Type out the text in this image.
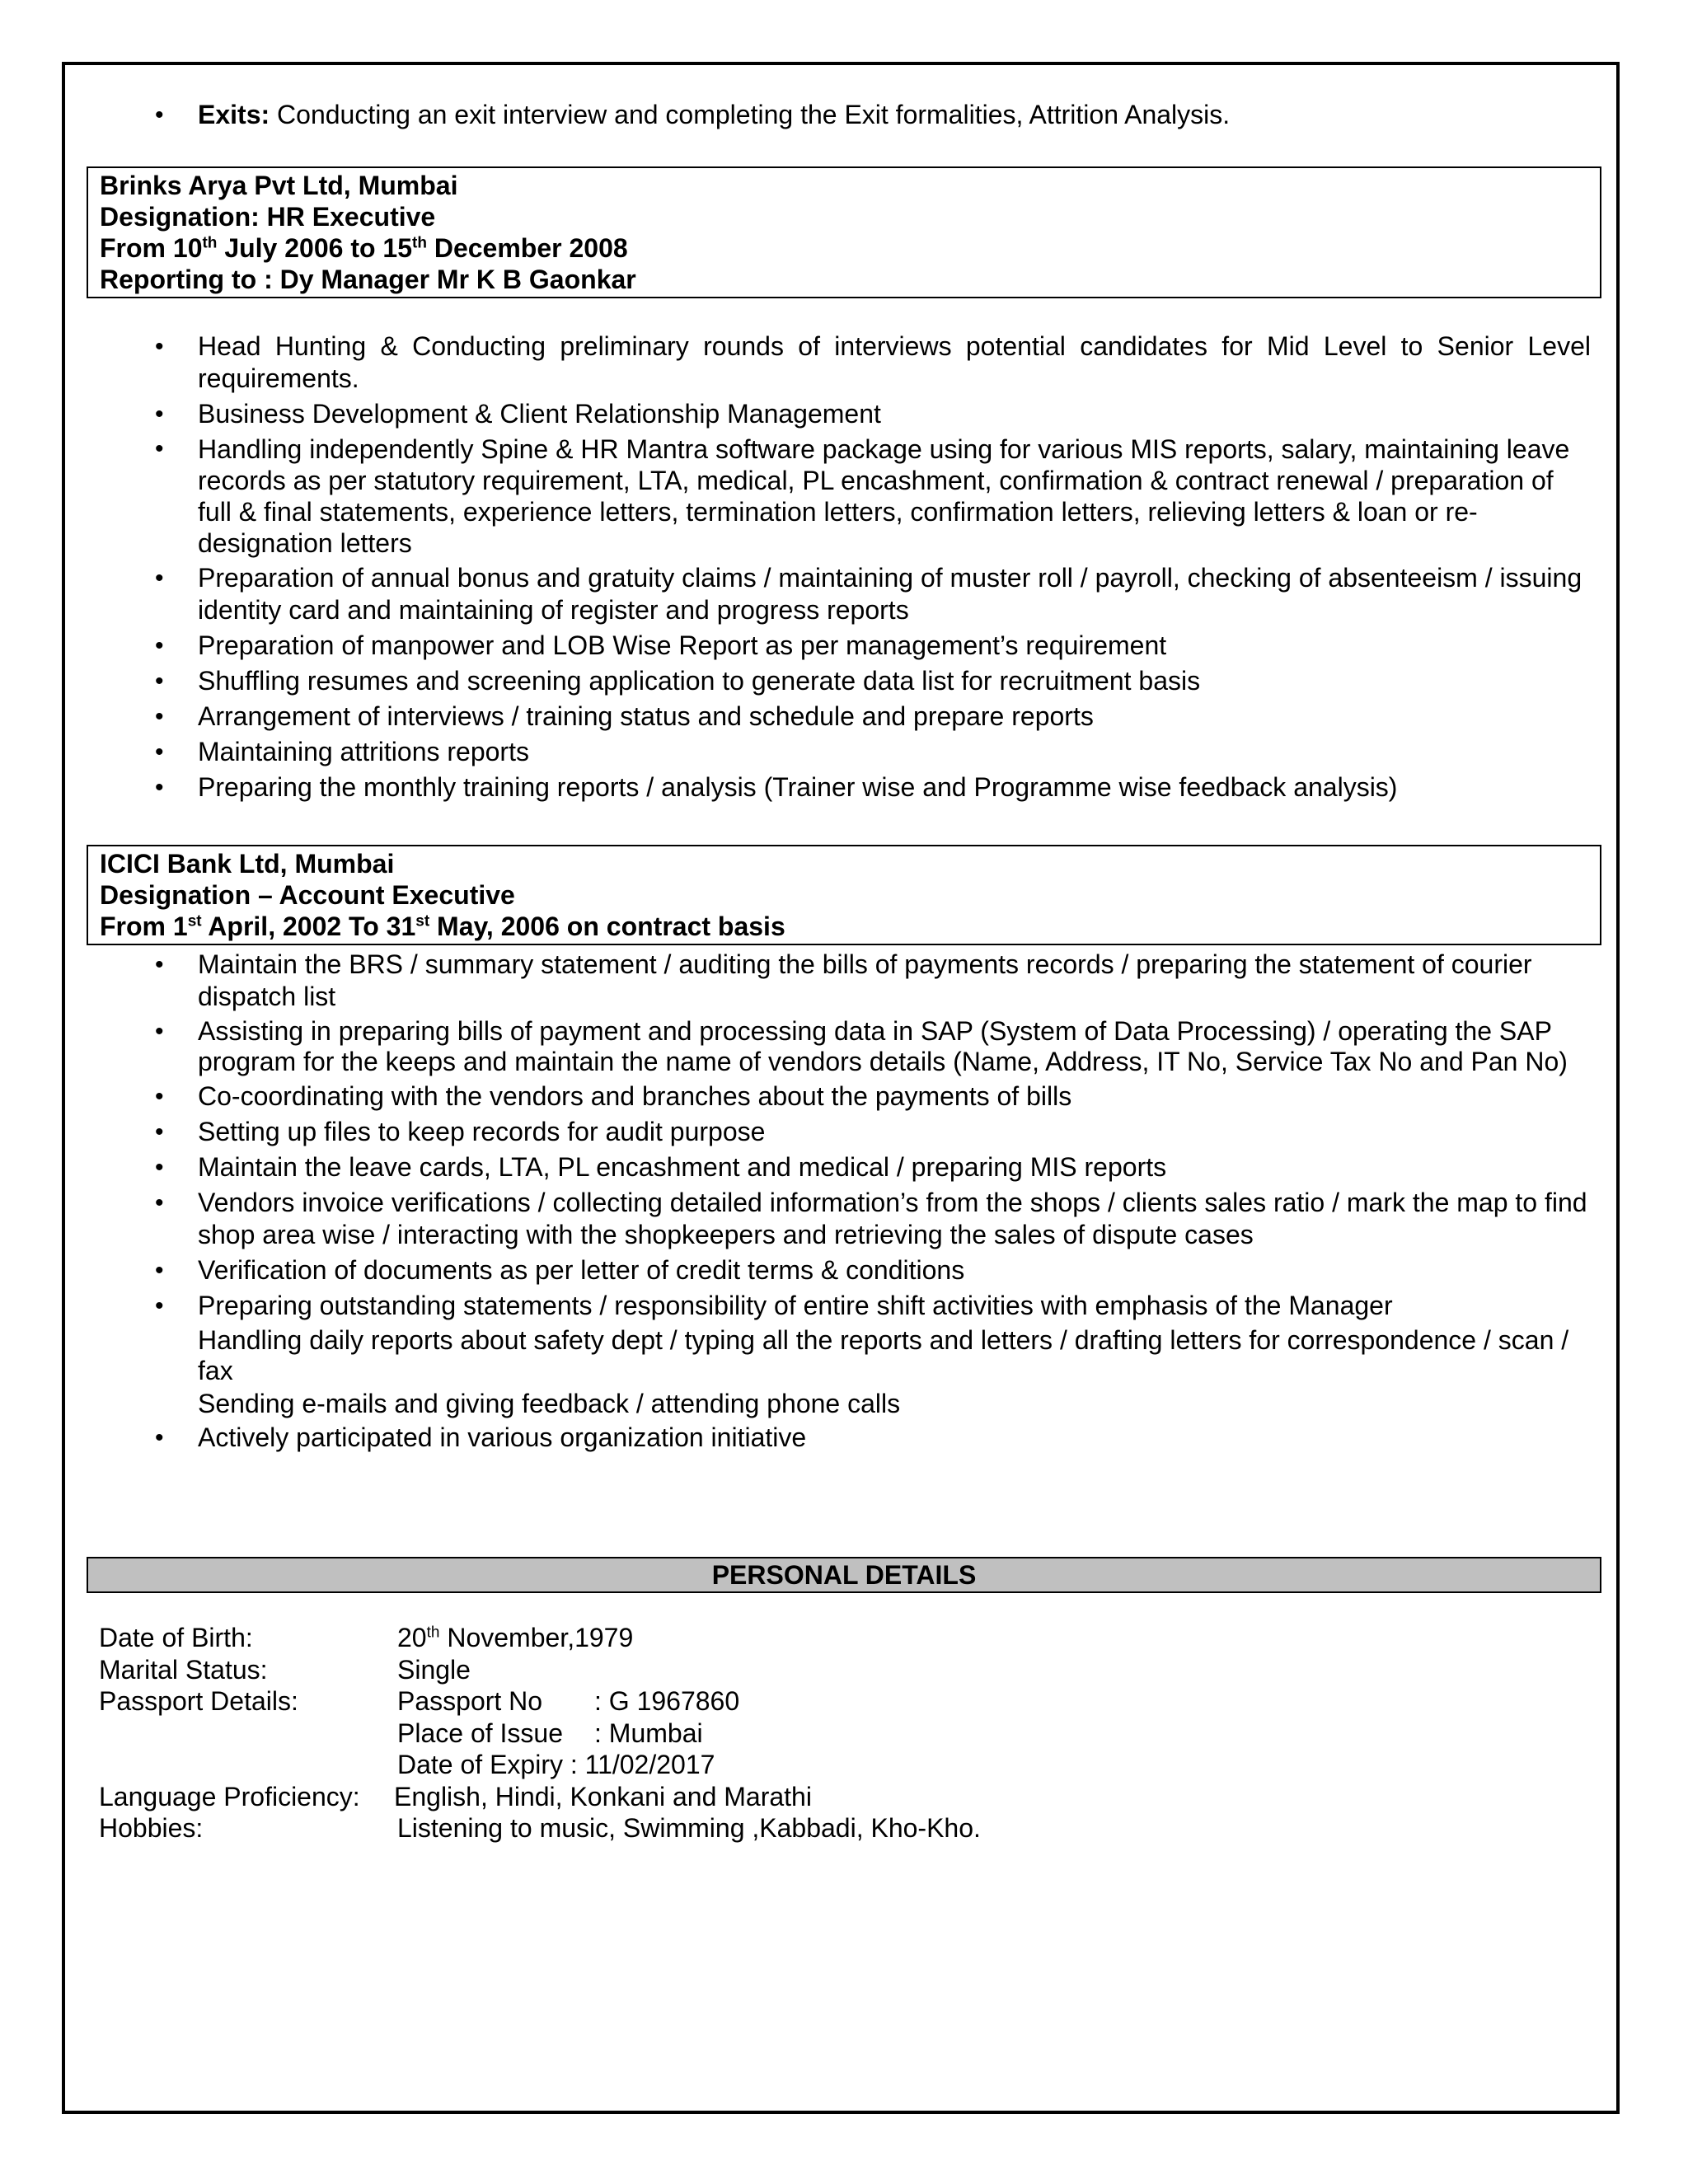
• Exits: Conducting an exit interview and completing the Exit formalities, Attrition Analysis.
Brinks Arya Pvt Ltd, Mumbai
Designation: HR Executive
From 10th July 2006 to 15th December 2008
Reporting to : Dy Manager Mr K B Gaonkar
• Head Hunting & Conducting preliminary rounds of interviews potential candidates for Mid Level to Senior Level requirements.
• Business Development & Client Relationship Management
• Handling independently Spine & HR Mantra software package using for various MIS reports, salary, maintaining leave records as per statutory requirement, LTA, medical, PL encashment, confirmation & contract renewal / preparation of full & final statements, experience letters, termination letters, confirmation letters, relieving letters & loan or re-designation letters
• Preparation of annual bonus and gratuity claims / maintaining of muster roll / payroll, checking of absenteeism / issuing identity card and maintaining of register and progress reports
• Preparation of manpower and LOB Wise Report as per management’s requirement
• Shuffling resumes and screening application to generate data list for recruitment basis
• Arrangement of interviews / training status and schedule and prepare reports
• Maintaining attritions reports
• Preparing the monthly training reports / analysis (Trainer wise and Programme wise feedback analysis)
ICICI Bank Ltd, Mumbai
Designation – Account Executive
From 1st April, 2002 To 31st May, 2006 on contract basis
• Maintain the BRS / summary statement / auditing the bills of payments records / preparing the statement of courier dispatch list
• Assisting in preparing bills of payment and processing data in SAP (System of Data Processing) / operating the SAP program for the keeps and maintain the name of vendors details (Name, Address, IT No, Service Tax No and Pan No)
• Co-coordinating with the vendors and branches about the payments of bills
• Setting up files to keep records for audit purpose
• Maintain the leave cards, LTA, PL encashment and medical / preparing MIS reports
• Vendors invoice verifications / collecting detailed information’s from the shops / clients sales ratio / mark the map to find shop area wise / interacting with the shopkeepers and retrieving the sales of dispute cases
• Verification of documents as per letter of credit terms & conditions
• Preparing outstanding statements / responsibility of entire shift activities with emphasis of the Manager
Handling daily reports about safety dept / typing all the reports and letters / drafting letters for correspondence / scan / fax
Sending e-mails and giving feedback / attending phone calls
• Actively participated in various organization initiative
PERSONAL DETAILS
Date of Birth:	20th November,1979
Marital Status:	Single
Passport Details:	Passport No : G 1967860
Place of Issue : Mumbai
Date of Expiry : 11/02/2017
Language Proficiency: English, Hindi, Konkani and Marathi
Hobbies:	Listening to music, Swimming ,Kabbadi, Kho-Kho.
